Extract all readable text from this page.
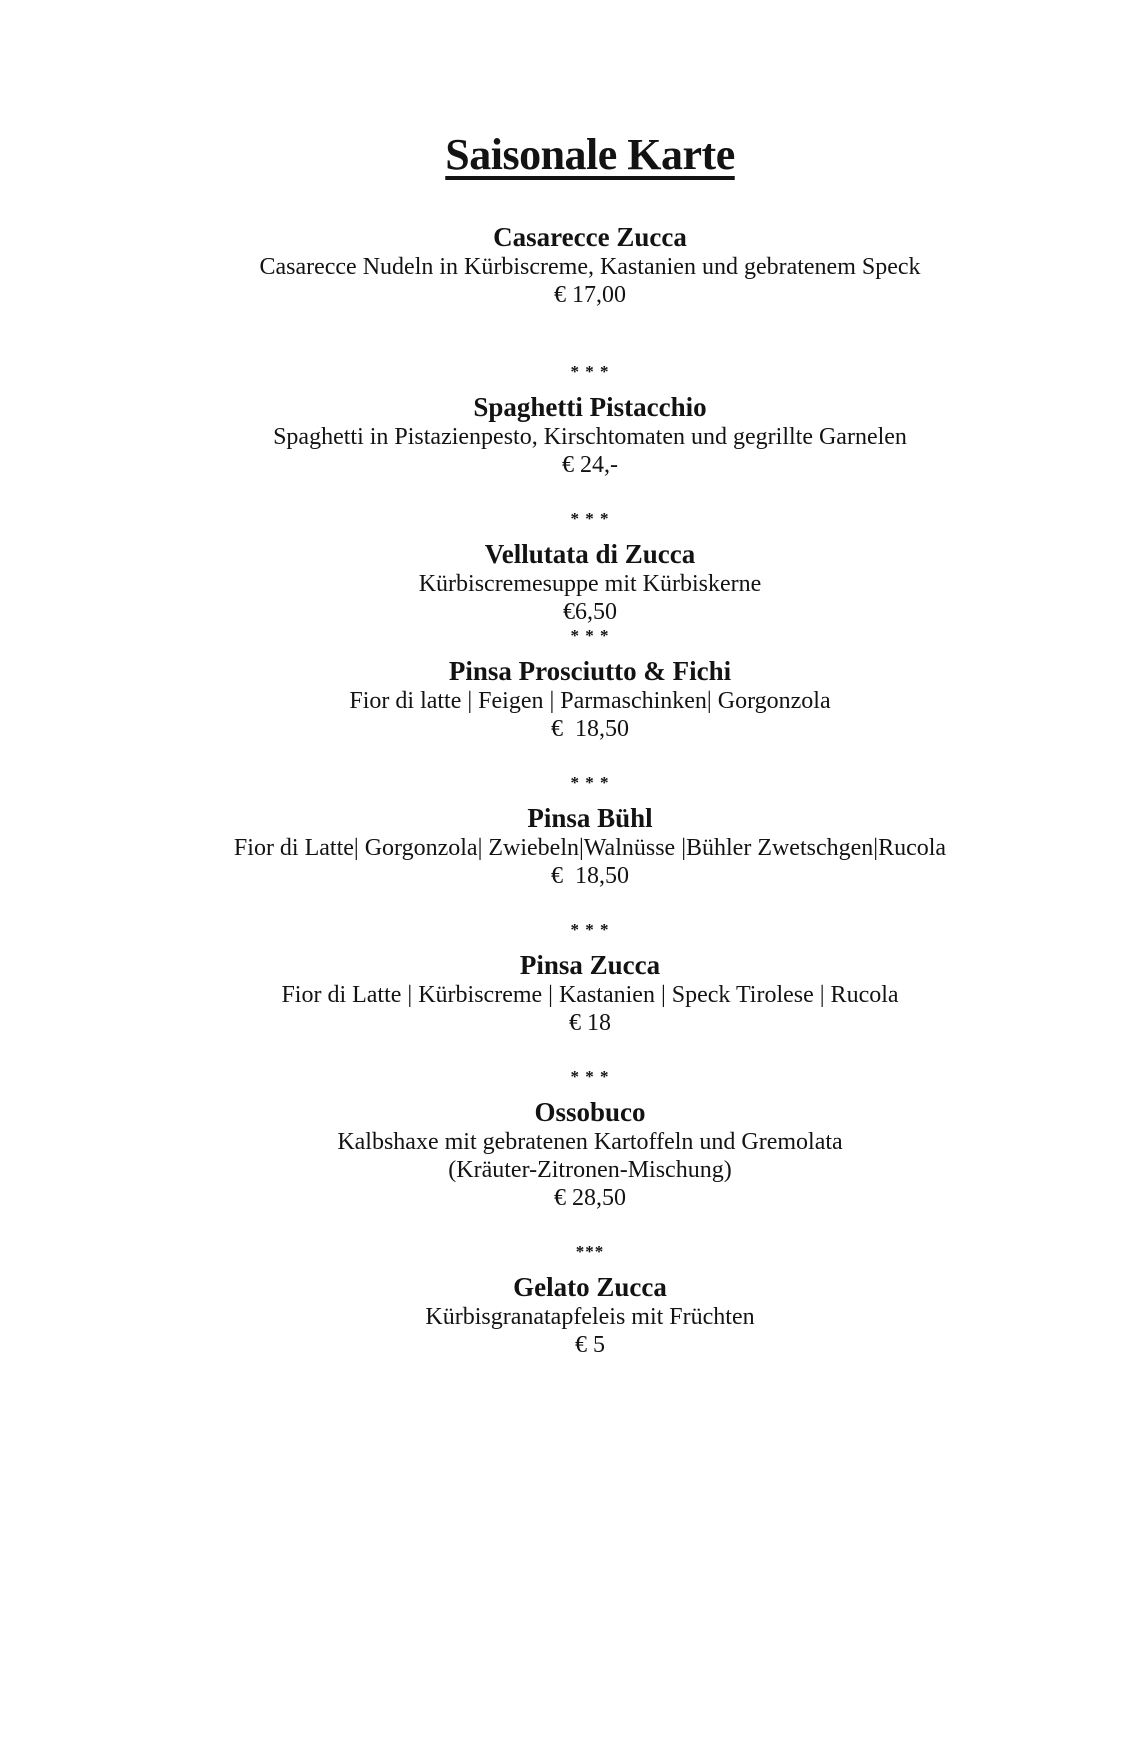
Saisonale Karte

Casarecce Zucca

Casarecce Nudeln in Kürbiscreme, Kastanien und gebratenem Speck

€ 17,00

* * *

Spaghetti Pistacchio

Spaghetti in Pistazienpesto, Kirschtomaten und gegrillte Garnelen

€ 24,-

* * *

Vellutata di Zucca

Kürbiscremesuppe mit Kürbiskerne

€6,50

* * *

Pinsa Prosciutto & Fichi

Fior di latte | Feigen | Parmaschinken| Gorgonzola

€  18,50

* * *

Pinsa Bühl

Fior di Latte| Gorgonzola| Zwiebeln|Walnüsse |Bühler Zwetschgen|Rucola

€  18,50

* * *

Pinsa Zucca

Fior di Latte | Kürbiscreme | Kastanien | Speck Tirolese | Rucola

€ 18

* * *

Ossobuco

Kalbshaxe mit gebratenen Kartoffeln und Gremolata

(Kräuter-Zitronen-Mischung)

€ 28,50

***

Gelato Zucca

Kürbisgranatapfeleis mit Früchten

€ 5
